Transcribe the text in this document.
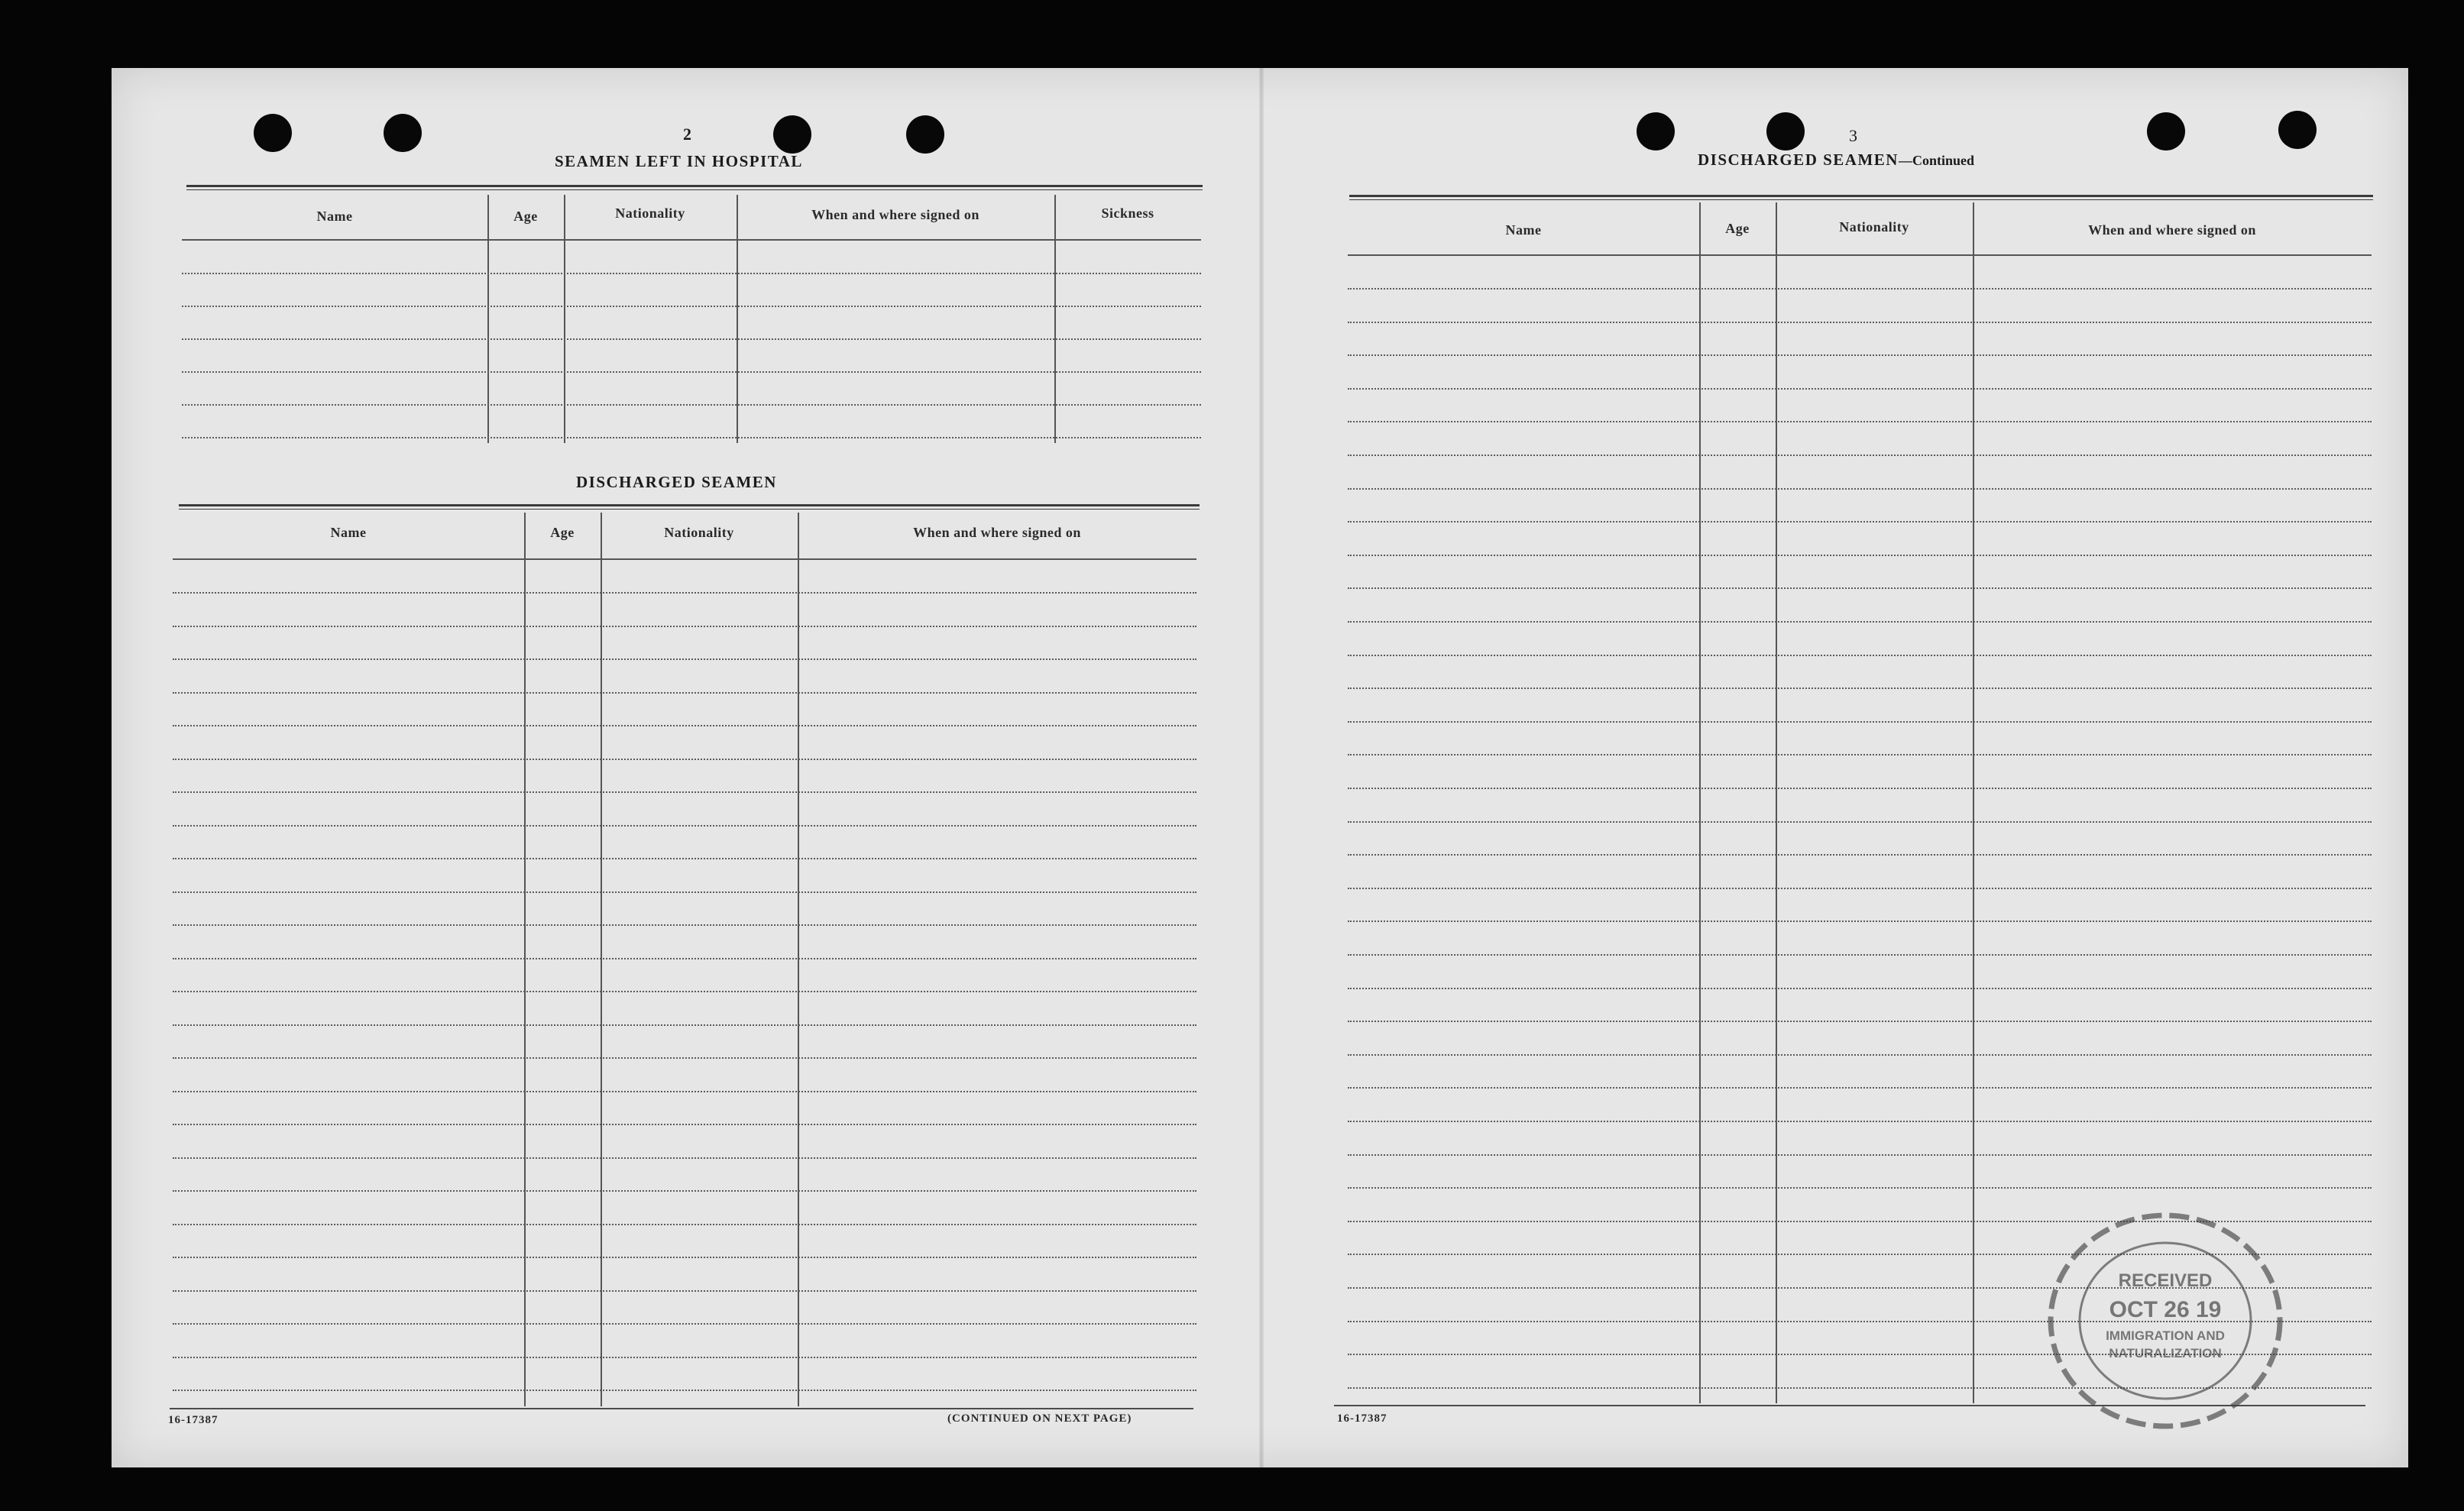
2
SEAMEN LEFT IN HOSPITAL
Name	Age	Nationality	When and where signed on	Sickness
DISCHARGED SEAMEN
Name	Age	Nationality	When and where signed on
16-17387	(CONTINUED ON NEXT PAGE)
3
DISCHARGED SEAMEN—Continued
Name	Age	Nationality	When and where signed on
16-17387
RECEIVED
OCT 26 19
IMMIGRATION AND
NATURALIZATION
